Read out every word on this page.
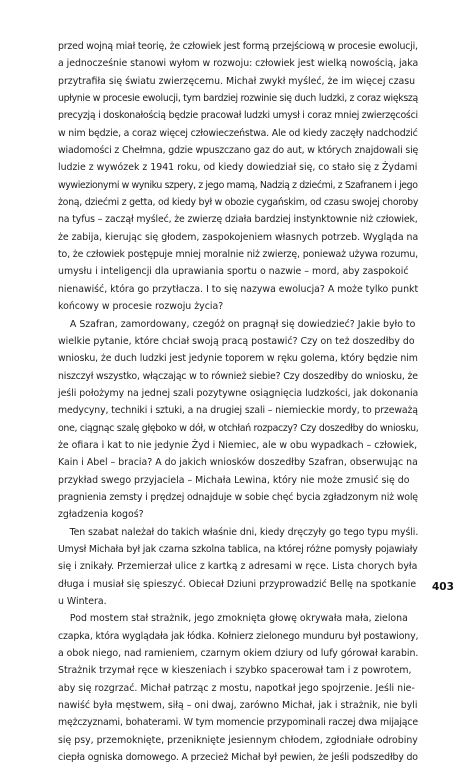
przed wojną miał teorię, że człowiek jest formą przejściową w procesie ewolucji,
a jednocześnie stanowi wyłom w rozwoju: człowiek jest wielką nowością, jaka
przytrafiła się światu zwierzęcemu. Michał zwykł myśleć, że im więcej czasu
upłynie w procesie ewolucji, tym bardziej rozwinie się duch ludzki, z coraz większą
precyzją i doskonałością będzie pracował ludzki umysł i coraz mniej zwierzęcości
w nim będzie, a coraz więcej człowieczeństwa. Ale od kiedy zaczęły nadchodzić
wiadomości z Chełmna, gdzie wpuszczano gaz do aut, w których znajdowali się
ludzie z wywózek z 1941 roku, od kiedy dowiedział się, co stało się z Żydami
wywiezionymi w wyniku szpery, z jego mamą, Nadzią z dziećmi, z Szafranem i jego
żoną, dziećmi z getta, od kiedy był w obozie cygańskim, od czasu swojej choroby
na tyfus – zaczął myśleć, że zwierzę działa bardziej instynktownie niż człowiek,
że zabija, kierując się głodem, zaspokojeniem własnych potrzeb. Wygląda na
to, że człowiek postępuje mniej moralnie niż zwierzę, ponieważ używa rozumu,
umysłu i inteligencji dla uprawiania sportu o nazwie – mord, aby zaspokoić
nienawiść, która go przytłacza. I to się nazywa ewolucja? A może tylko punkt
końcowy w procesie rozwoju życia?
A Szafran, zamordowany, czegóż on pragnął się dowiedzieć? Jakie było to
wielkie pytanie, które chciał swoją pracą postawić? Czy on też doszedłby do
wniosku, że duch ludzki jest jedynie toporem w ręku golema, który będzie nim
niszczył wszystko, włączając w to również siebie? Czy doszedłby do wniosku, że
jeśli położymy na jednej szali pozytywne osiągnięcia ludzkości, jak dokonania
medycyny, techniki i sztuki, a na drugiej szali – niemieckie mordy, to przeważą
one, ciągnąc szalę głęboko w dół, w otchłań rozpaczy? Czy doszedłby do wniosku,
że ofiara i kat to nie jedynie Żyd i Niemiec, ale w obu wypadkach – człowiek,
Kain i Abel – bracia? A do jakich wniosków doszedłby Szafran, obserwując na
przykład swego przyjaciela – Michała Lewina, który nie może zmusić się do
pragnienia zemsty i prędzej odnajduje w sobie chęć bycia zgładzonym niż wolę
zgładzenia kogoś?
Ten szabat należał do takich właśnie dni, kiedy dręczyły go tego typu myśli.
Umysł Michała był jak czarna szkolna tablica, na której różne pomysły pojawiały
się i znikały. Przemierzał ulice z kartką z adresami w ręce. Lista chorych była
długa i musiał się spieszyć. Obiecał Dziuni przyprowadzić Bellę na spotkanie
u Wintera.
Pod mostem stał strażnik, jego zmoknięta głowę okrywała mała, zielona
czapka, która wyglądała jak łódka. Kołnierz zielonego munduru był postawiony,
a obok niego, nad ramieniem, czarnym okiem dziury od lufy górował karabin.
Strażnik trzymał ręce w kieszeniach i szybko spacerował tam i z powrotem,
aby się rozgrzać. Michał patrząc z mostu, napotkał jego spojrzenie. Jeśli nie-
nawiść była męstwem, siłą – oni dwaj, zarówno Michał, jak i strażnik, nie byli
mężczyznami, bohaterami. W tym momencie przypominali raczej dwa mijające
się psy, przemoknięte, przeniknięte jesiennym chłodem, zgłodniałe odrobiny
ciepła ogniska domowego. A przecież Michał był pewien, że jeśli podszedłby do
403
